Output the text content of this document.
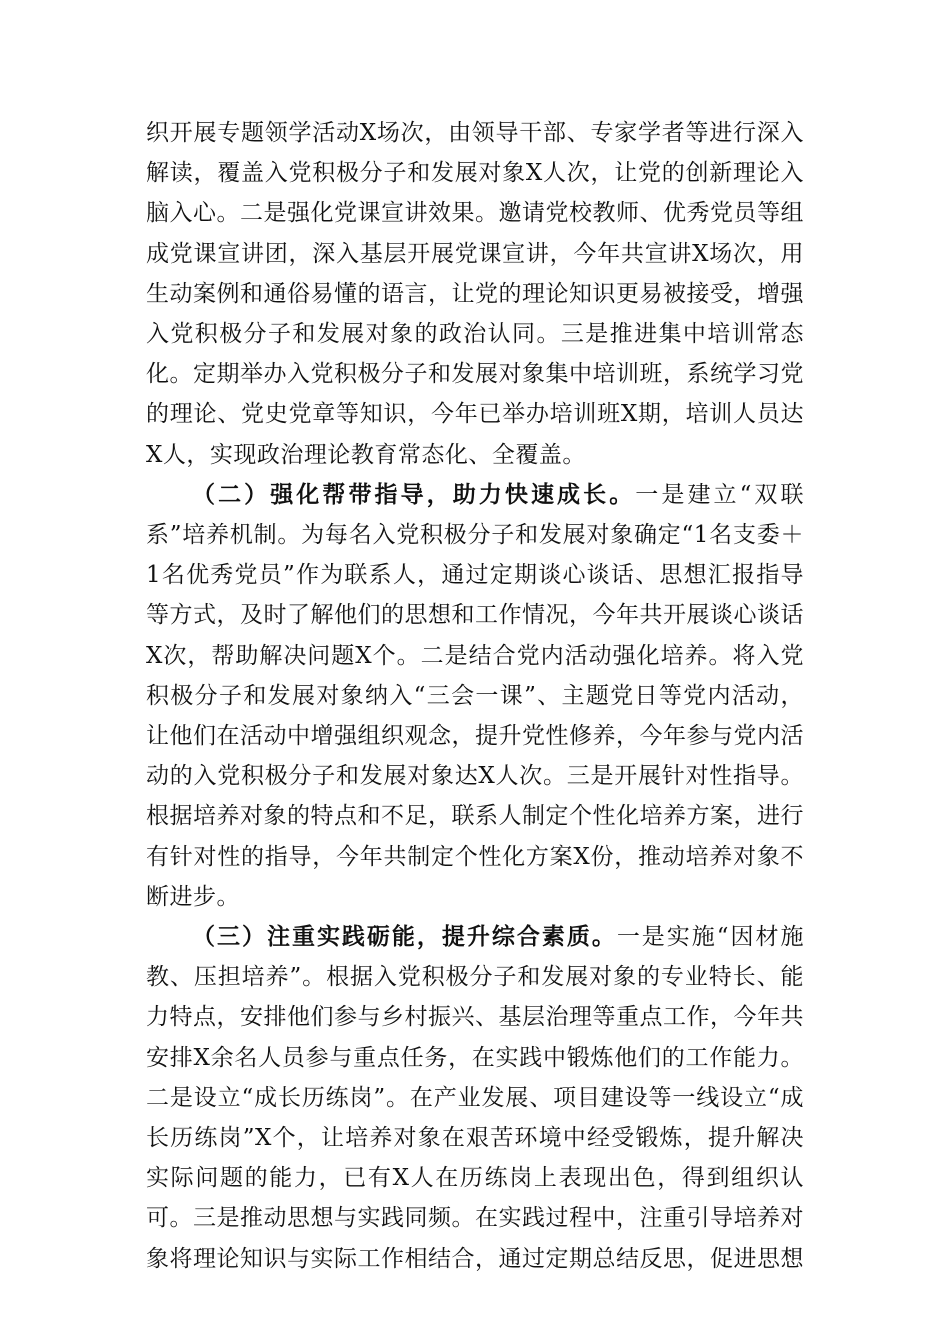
织开展专题领学活动X场次，由领导干部、专家学者等进行深入解读，覆盖入党积极分子和发展对象X人次，让党的创新理论入脑入心。二是强化党课宣讲效果。邀请党校教师、优秀党员等组成党课宣讲团，深入基层开展党课宣讲，今年共宣讲X场次，用生动案例和通俗易懂的语言，让党的理论知识更易被接受，增强入党积极分子和发展对象的政治认同。三是推进集中培训常态化。定期举办入党积极分子和发展对象集中培训班，系统学习党的理论、党史党章等知识，今年已举办培训班X期，培训人员达X人，实现政治理论教育常态化、全覆盖。

（二）强化帮带指导，助力快速成长。一是建立“双联系”培养机制。为每名入党积极分子和发展对象确定“1名支委＋1名优秀党员”作为联系人，通过定期谈心谈话、思想汇报指导等方式，及时了解他们的思想和工作情况，今年共开展谈心谈话X次，帮助解决问题X个。二是结合党内活动强化培养。将入党积极分子和发展对象纳入“三会一课”、主题党日等党内活动，让他们在活动中增强组织观念，提升党性修养，今年参与党内活动的入党积极分子和发展对象达X人次。三是开展针对性指导。根据培养对象的特点和不足，联系人制定个性化培养方案，进行有针对性的指导，今年共制定个性化方案X份，推动培养对象不断进步。

（三）注重实践砺能，提升综合素质。一是实施“因材施教、压担培养”。根据入党积极分子和发展对象的专业特长、能力特点，安排他们参与乡村振兴、基层治理等重点工作，今年共安排X余名人员参与重点任务，在实践中锻炼他们的工作能力。二是设立“成长历练岗”。在产业发展、项目建设等一线设立“成长历练岗”X个，让培养对象在艰苦环境中经受锻炼，提升解决实际问题的能力，已有X人在历练岗上表现出色，得到组织认可。三是推动思想与实践同频。在实践过程中，注重引导培养对象将理论知识与实际工作相结合，通过定期总结反思，促进思想
